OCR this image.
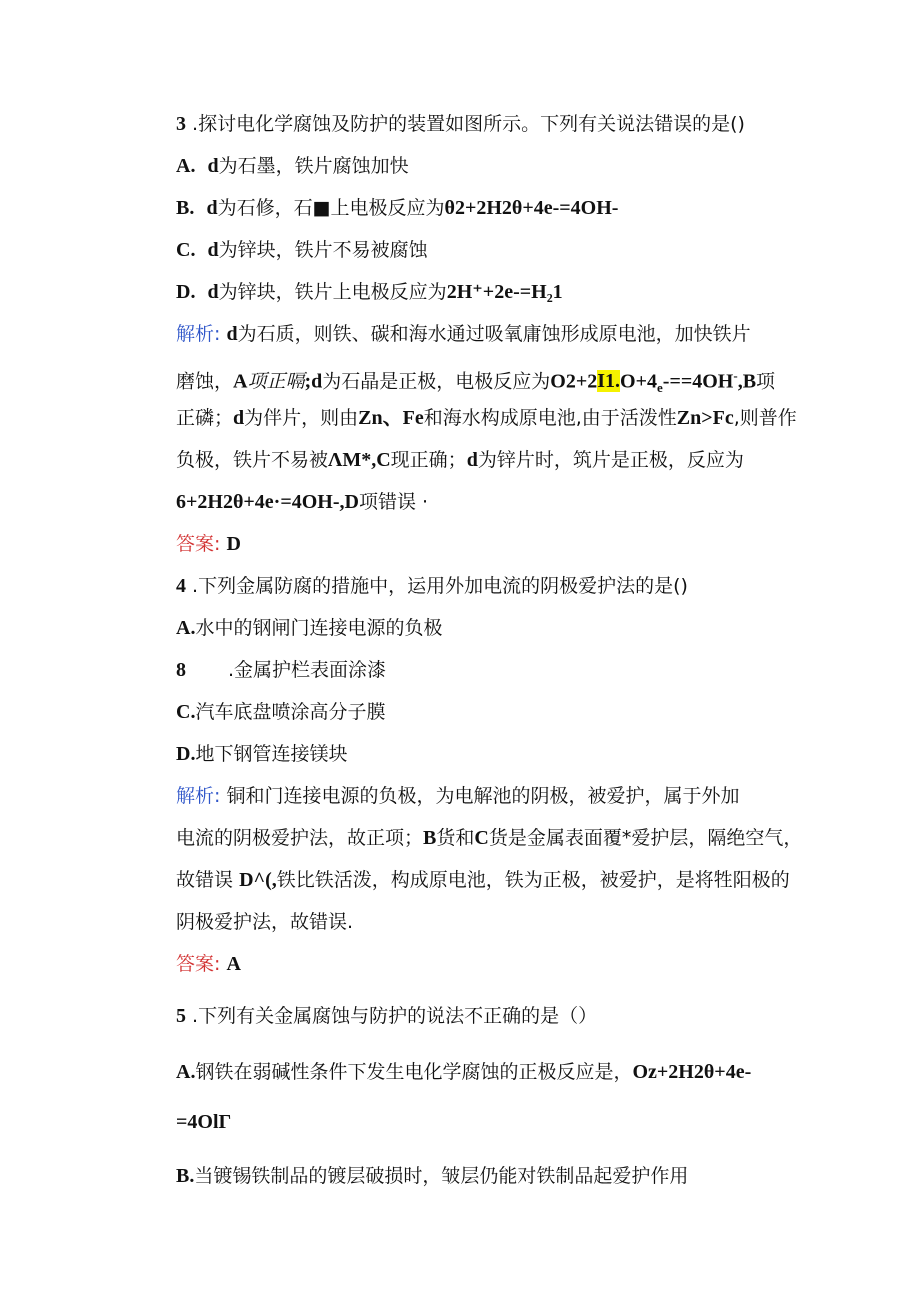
3 .探讨电化学腐蚀及防护的装置如图所示。下列有关说法错误的是()

A. d为石墨，铁片腐蚀加快

B. d为石修，石■上电极反应为θ2+2H2θ+4e-=4OH-

C. d为锌块，铁片不易被腐蚀

D. d为锌块，铁片上电极反应为2H⁺+2e-=H₂1

解析: d为石质，则铁、碳和海水通过吸氧庸蚀形成原电池，加快铁片

磨蚀，A项正嗝;d为石晶是正极，电极反应为$O2+2I1.O+4_e-==4OH^-,B$项

正磷；d为伴片，则由Zn、Fe和海水构成原电池,由于活泼性Zn>Fc,则普作

负极，铁片不易被ΛM*,C现正确；d为锌片时，筑片是正极，反应为

6+2H2θ+4e·=4OH-,D项错误 ·

答案: D

4 .下列金属防腐的措施中，运用外加电流的阴极爱护法的是()

A.水中的钢闸门连接电源的负极

8 .金属护栏表面涂漆

C.汽车底盘喷涂高分子膜

D.地下钢管连接镁块

解析: 铜和门连接电源的负极，为电解池的阴极，被爱护，属于外加

电流的阴极爱护法，故正项；B货和C货是金属表面覆*爱护层，隔绝空气，

故错误 D^(,铁比铁活泼，构成原电池，铁为正极，被爱护，是将牲阳极的

阴极爱护法，故错误.

答案: A

5 .下列有关金属腐蚀与防护的说法不正确的是（）

A.钢铁在弱碱性条件下发生电化学腐蚀的正极反应是，Oz+2H2θ+4e-

=4OlΓ

B.当镀锡铁制品的镀层破损时，皱层仍能对铁制品起爱护作用
